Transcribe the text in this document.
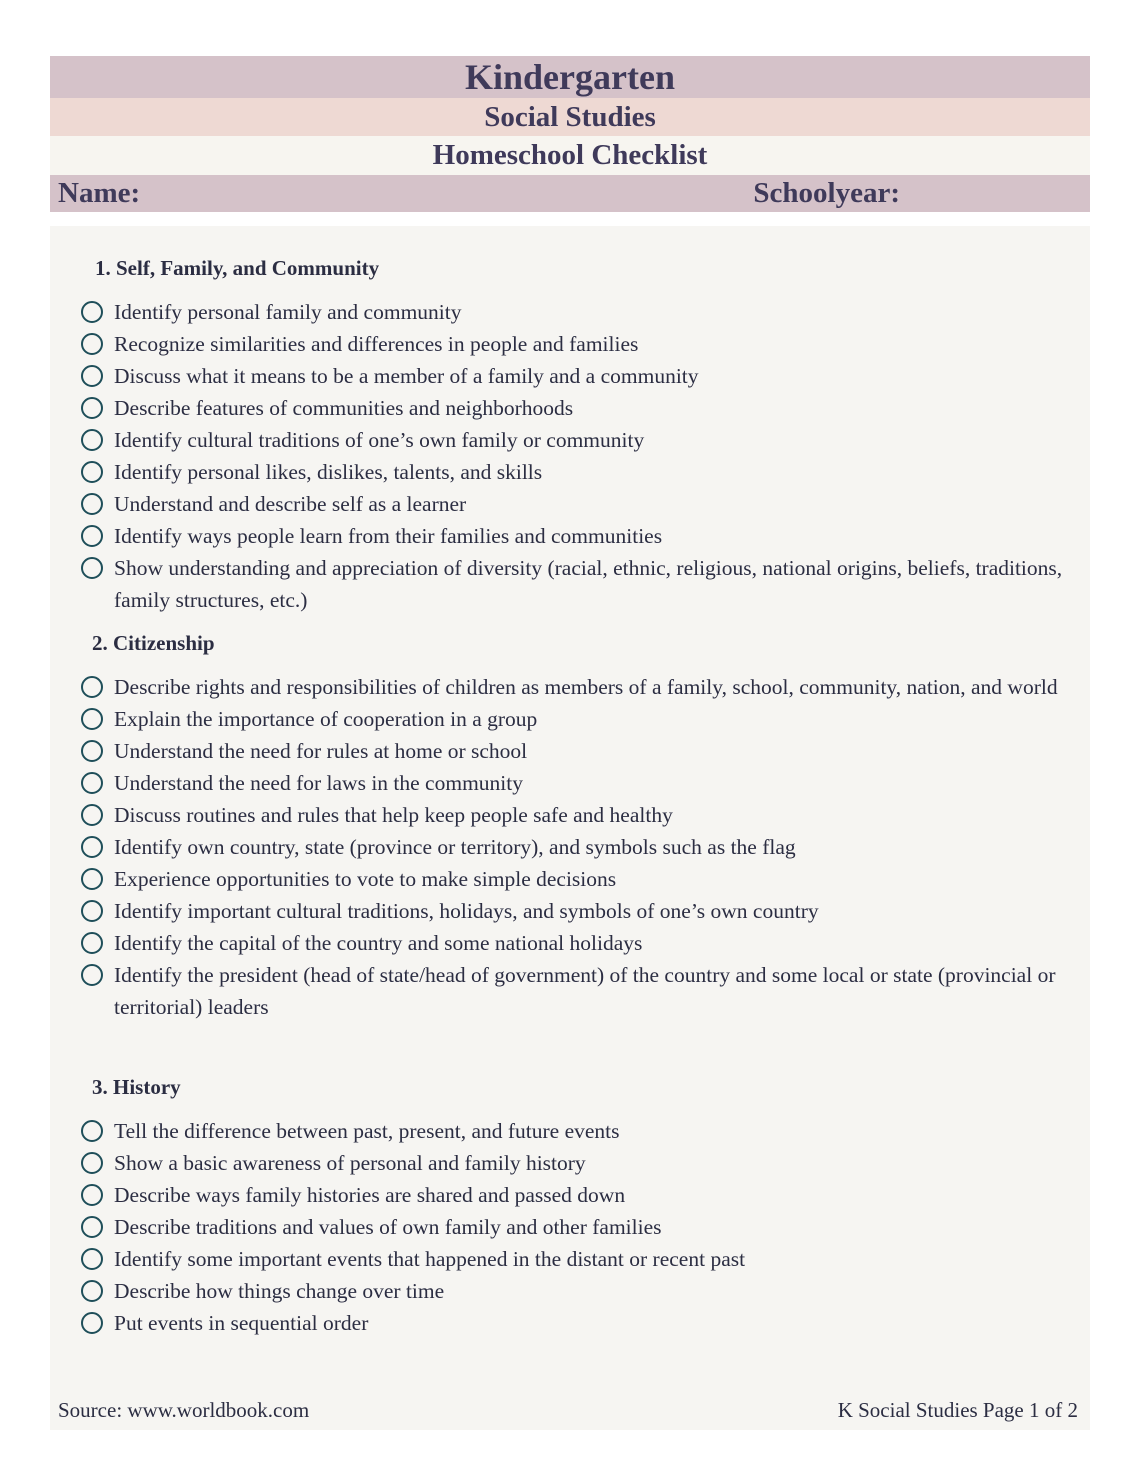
Kindergarten
Social Studies
Homeschool Checklist
Name:	Schoolyear:
1. Self, Family, and Community
Identify personal family and community
Recognize similarities and differences in people and families
Discuss what it means to be a member of a family and a community
Describe features of communities and neighborhoods
Identify cultural traditions of one’s own family or community
Identify personal likes, dislikes, talents, and skills
Understand and describe self as a learner
Identify ways people learn from their families and communities
Show understanding and appreciation of diversity (racial, ethnic, religious, national origins, beliefs, traditions, family structures, etc.)
2. Citizenship
Describe rights and responsibilities of children as members of a family, school, community, nation, and world
Explain the importance of cooperation in a group
Understand the need for rules at home or school
Understand the need for laws in the community
Discuss routines and rules that help keep people safe and healthy
Identify own country, state (province or territory), and symbols such as the flag
Experience opportunities to vote to make simple decisions
Identify important cultural traditions, holidays, and symbols of one’s own country
Identify the capital of the country and some national holidays
Identify the president (head of state/head of government) of the country and some local or state (provincial or territorial) leaders
3. History
Tell the difference between past, present, and future events
Show a basic awareness of personal and family history
Describe ways family histories are shared and passed down
Describe traditions and values of own family and other families
Identify some important events that happened in the distant or recent past
Describe how things change over time
Put events in sequential order
Source: www.worldbook.com	K Social Studies Page 1 of 2
